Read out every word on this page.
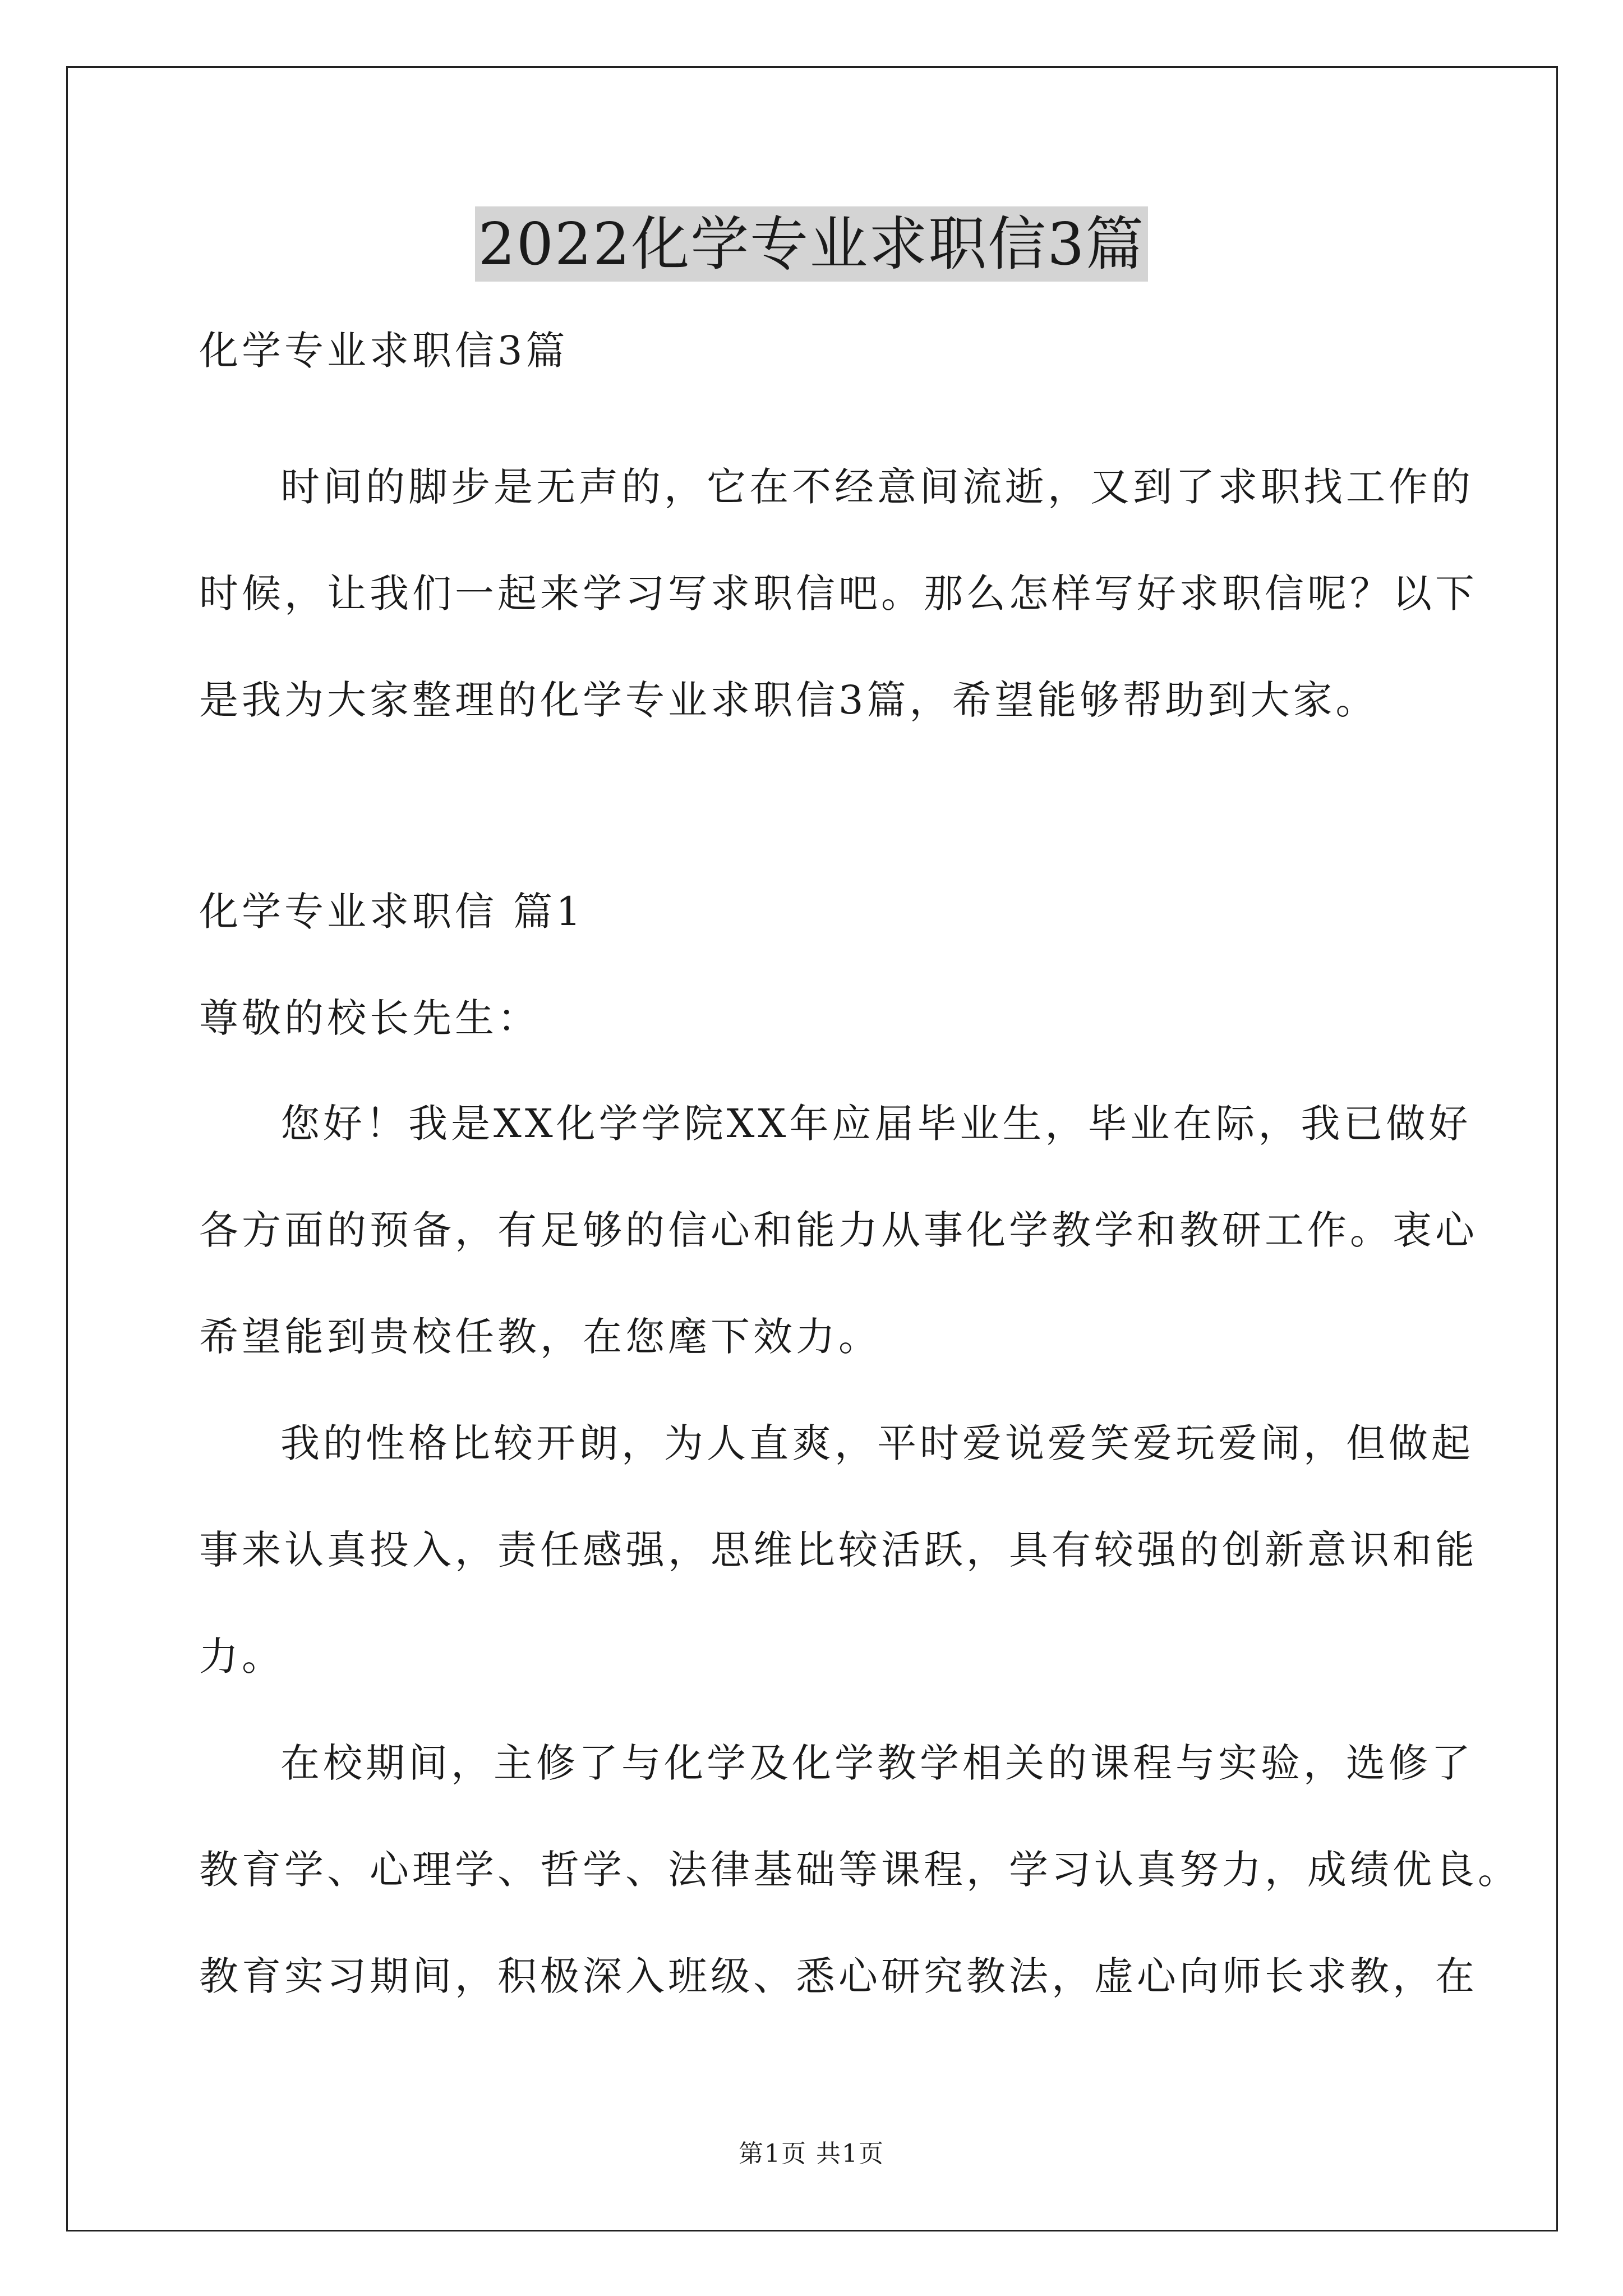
2022化学专业求职信3篇
化学专业求职信3篇
时间的脚步是无声的，它在不经意间流逝，又到了求职找工作的
时候，让我们一起来学习写求职信吧。那么怎样写好求职信呢？以下
是我为大家整理的化学专业求职信3篇，希望能够帮助到大家。
化学专业求职信 篇1
尊敬的校长先生：
您好！我是XX化学学院XX年应届毕业生，毕业在际，我已做好
各方面的预备，有足够的信心和能力从事化学教学和教研工作。衷心
希望能到贵校任教，在您麾下效力。
我的性格比较开朗，为人直爽，平时爱说爱笑爱玩爱闹，但做起
事来认真投入，责任感强，思维比较活跃，具有较强的创新意识和能
力。
在校期间，主修了与化学及化学教学相关的课程与实验，选修了
教育学、心理学、哲学、法律基础等课程，学习认真努力，成绩优良。
教育实习期间，积极深入班级、悉心研究教法，虚心向师长求教，在
第1页 共1页
